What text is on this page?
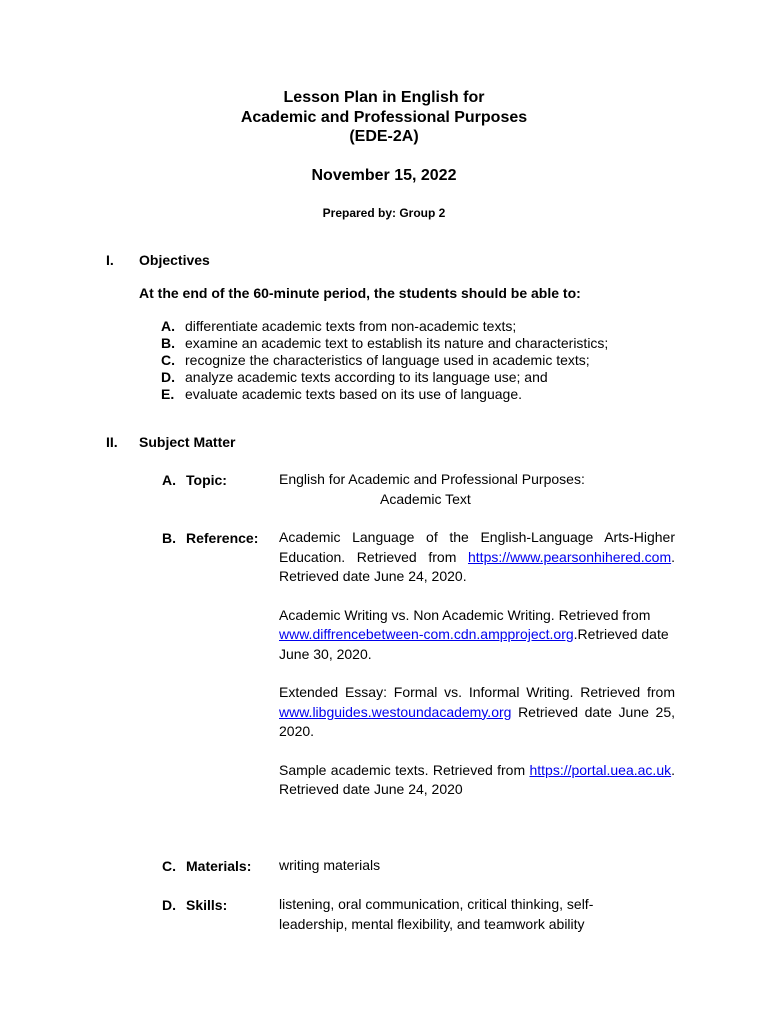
Lesson Plan in English for
Academic and Professional Purposes
(EDE-2A)
November 15, 2022
Prepared by: Group 2
I. Objectives
At the end of the 60-minute period, the students should be able to:
A. differentiate academic texts from non-academic texts;
B. examine an academic text to establish its nature and characteristics;
C. recognize the characteristics of language used in academic texts;
D. analyze academic texts according to its language use; and
E. evaluate academic texts based on its use of language.
II. Subject Matter
A. Topic:	English for Academic and Professional Purposes:
Academic Text
B. Reference: Academic Language of the English-Language Arts-Higher Education. Retrieved from https://www.pearsonhihered.com. Retrieved date June 24, 2020.
Academic Writing vs. Non Academic Writing. Retrieved from www.diffrencebetween-com.cdn.ampproject.org.Retrieved date June 30, 2020.
Extended Essay: Formal vs. Informal Writing. Retrieved from www.libguides.westoundacademy.org Retrieved date June 25, 2020.
Sample academic texts. Retrieved from https://portal.uea.ac.uk. Retrieved date June 24, 2020
C. Materials: writing materials
D. Skills:	listening, oral communication, critical thinking, self-leadership, mental flexibility, and teamwork ability
